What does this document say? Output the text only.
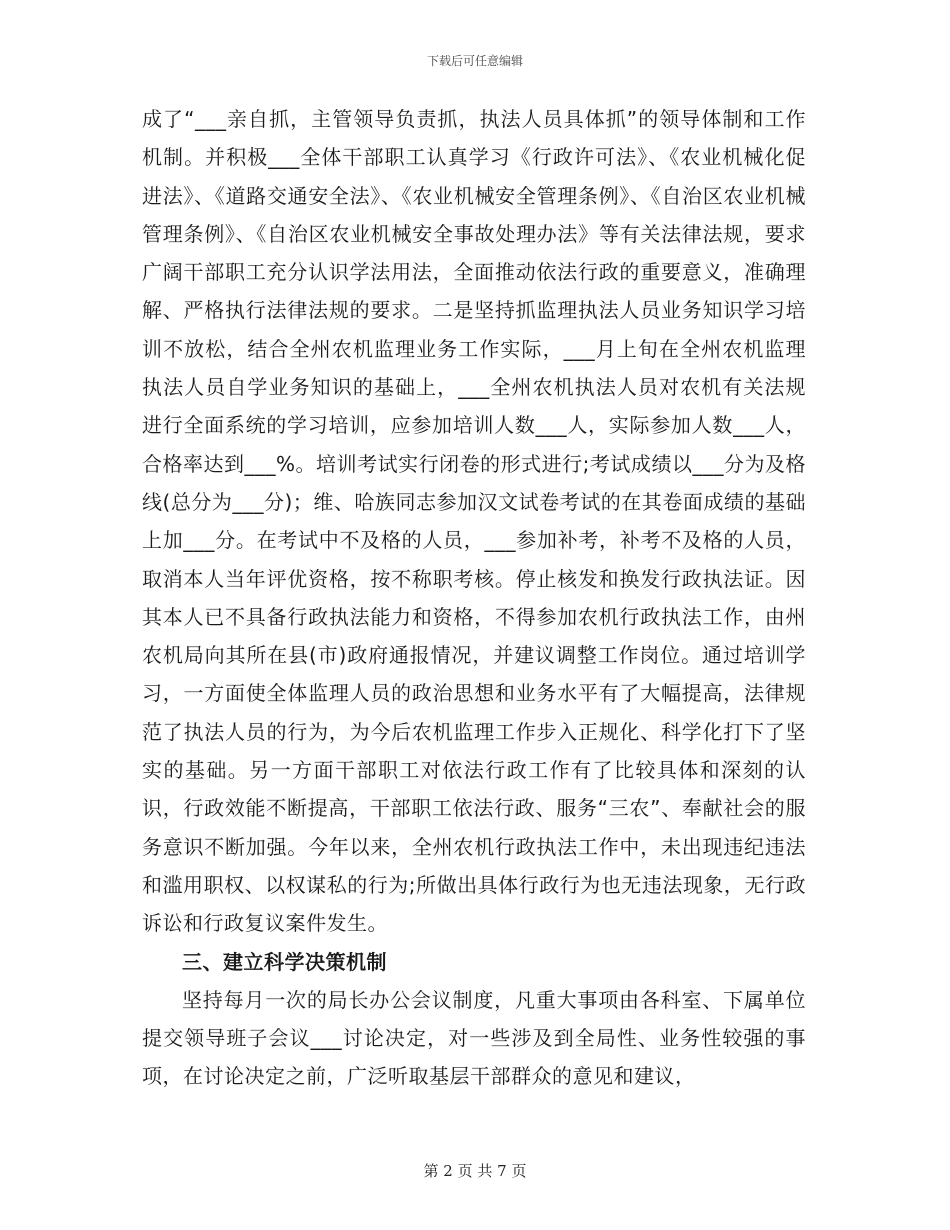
下载后可任意编辑

成了“___亲自抓，主管领导负责抓，执法人员具体抓”的领导体制和工作机制。并积极___全体干部职工认真学习《行政许可法》、《农业机械化促进法》、《道路交通安全法》、《农业机械安全管理条例》、《自治区农业机械管理条例》、《自治区农业机械安全事故处理办法》等有关法律法规，要求广阔干部职工充分认识学法用法，全面推动依法行政的重要意义，准确理解、严格执行法律法规的要求。二是坚持抓监理执法人员业务知识学习培训不放松，结合全州农机监理业务工作实际，___月上旬在全州农机监理执法人员自学业务知识的基础上，___全州农机执法人员对农机有关法规进行全面系统的学习培训，应参加培训人数___人，实际参加人数___人，合格率达到___%。培训考试实行闭卷的形式进行;考试成绩以___分为及格线(总分为___分)；维、哈族同志参加汉文试卷考试的在其卷面成绩的基础上加___分。在考试中不及格的人员，___参加补考，补考不及格的人员，取消本人当年评优资格，按不称职考核。停止核发和换发行政执法证。因其本人已不具备行政执法能力和资格，不得参加农机行政执法工作，由州农机局向其所在县(市)政府通报情况，并建议调整工作岗位。通过培训学习，一方面使全体监理人员的政治思想和业务水平有了大幅提高，法律规范了执法人员的行为，为今后农机监理工作步入正规化、科学化打下了坚实的基础。另一方面干部职工对依法行政工作有了比较具体和深刻的认识，行政效能不断提高，干部职工依法行政、服务“三农”、奉献社会的服务意识不断加强。今年以来，全州农机行政执法工作中，未出现违纪违法和滥用职权、以权谋私的行为;所做出具体行政行为也无违法现象，无行政诉讼和行政复议案件发生。

三、建立科学决策机制

坚持每月一次的局长办公会议制度，凡重大事项由各科室、下属单位提交领导班子会议___讨论决定，对一些涉及到全局性、业务性较强的事项，在讨论决定之前，广泛听取基层干部群众的意见和建议，

第 2 页 共 7 页
